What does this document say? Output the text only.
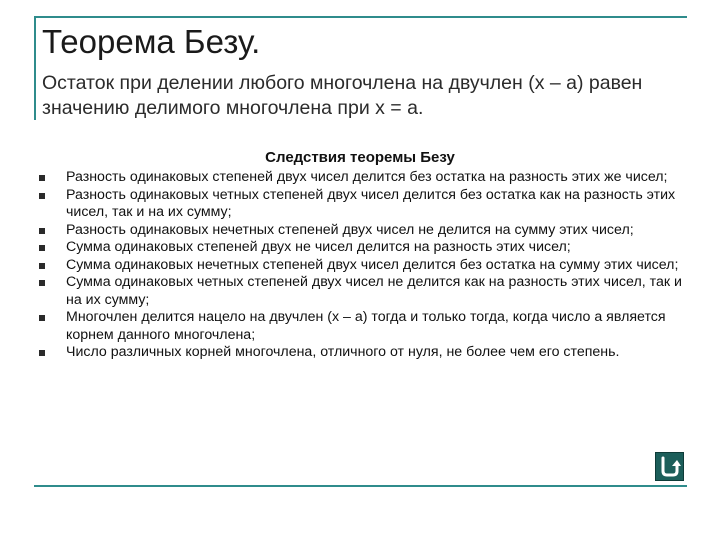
Теорема Безу.
Остаток при делении любого многочлена на двучлен (x – a) равен значению делимого многочлена при x = a.
Следствия теоремы Безу
Разность одинаковых степеней двух чисел делится без остатка на разность этих же чисел;
Разность одинаковых четных степеней двух чисел делится без остатка как на разность этих чисел, так и на их сумму;
Разность одинаковых нечетных степеней двух чисел не делится на сумму этих чисел;
Сумма одинаковых степеней двух не чисел делится на разность этих чисел;
Сумма одинаковых нечетных степеней двух чисел делится без остатка на сумму этих чисел;
Сумма одинаковых четных степеней двух чисел не делится как на разность этих чисел, так и на их сумму;
Многочлен делится нацело на двучлен (x – a) тогда и только тогда, когда число a является корнем данного многочлена;
Число различных корней многочлена, отличного от нуля, не более чем его степень.
